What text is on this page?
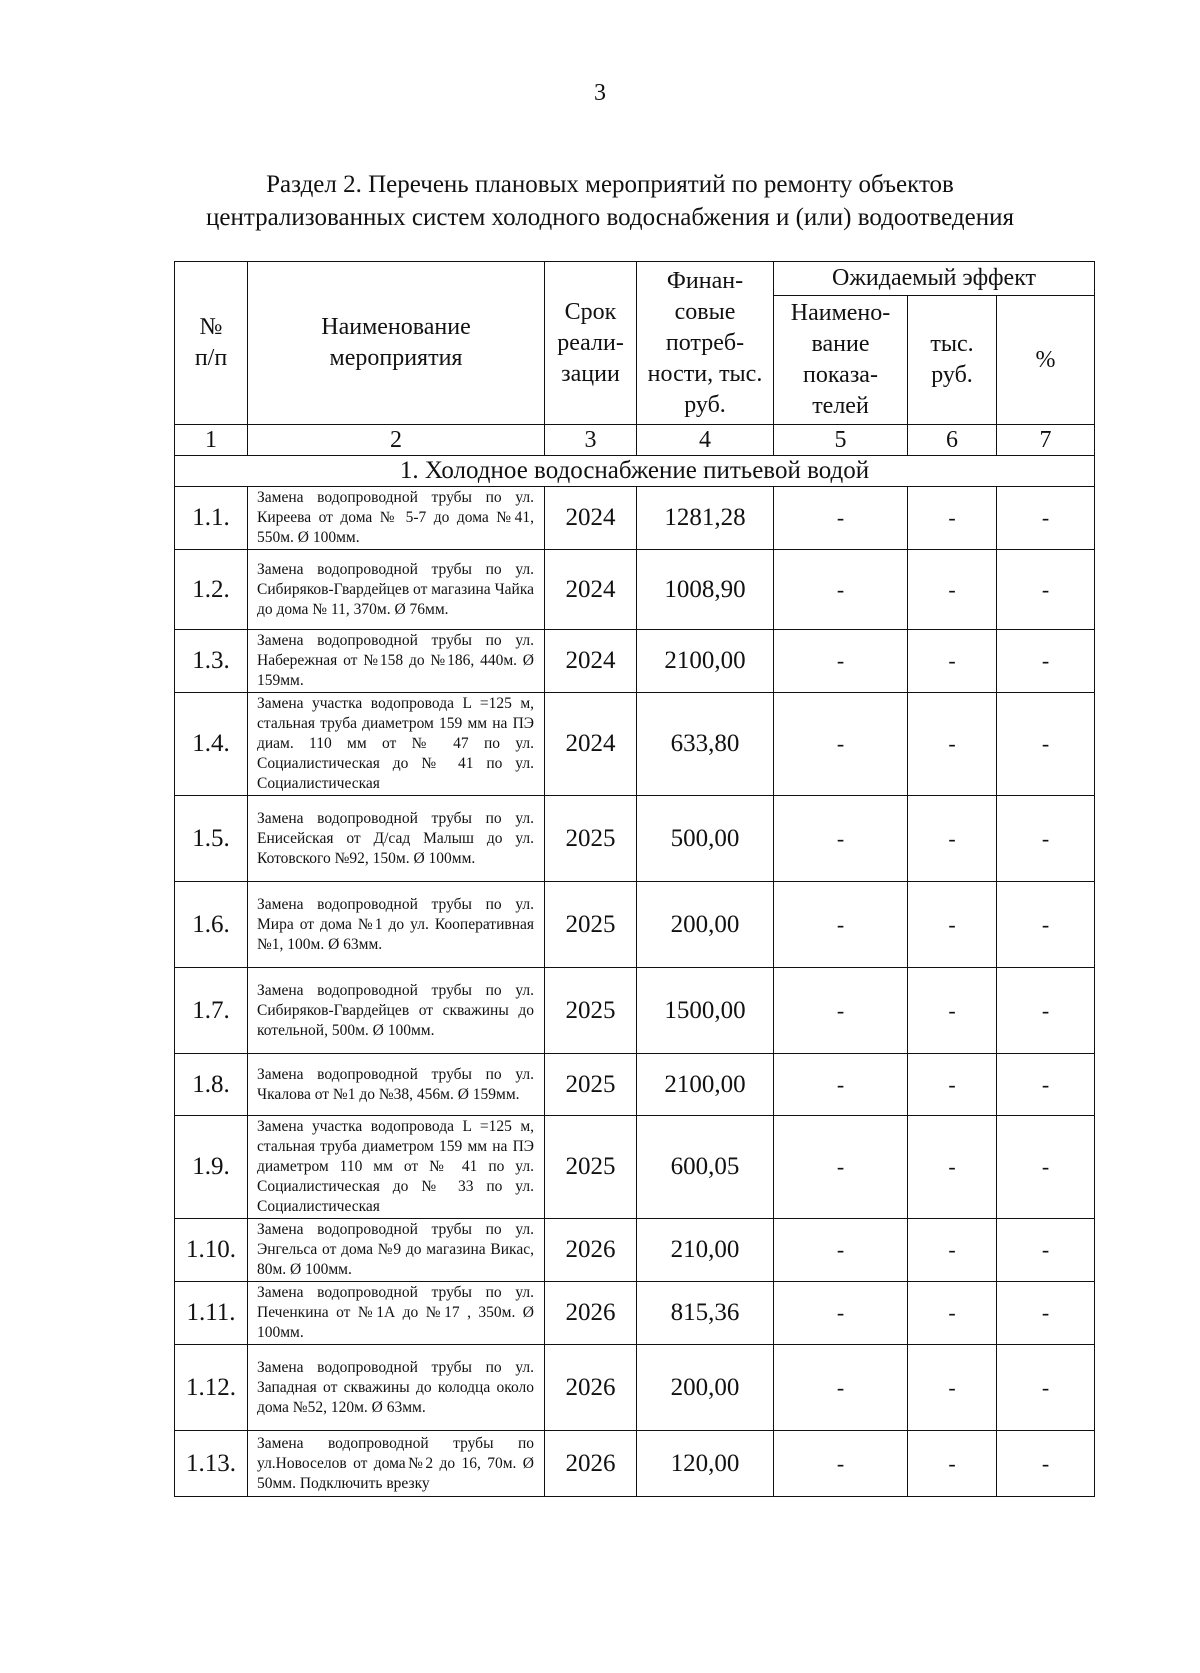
3
Раздел 2. Перечень плановых мероприятий по ремонту объектов
централизованных систем холодного водоснабжения и (или) водоотведения
№ п/п	Наименование мероприятия	Срок реали- зации	Финан- совые потреб- ности, тыс. руб.	Ожидаемый эффект		
				Наимено- вание показа- телей	тыс. руб.	%
1	2	3	4	5	6	7
1. Холодное водоснабжение питьевой водой						
1.1.	Замена водопроводной трубы по ул. Киреева от дома № 5-7 до дома №41, 550м. Ø 100мм.	2024	1281,28	-	-	-
1.2.	Замена водопроводной трубы по ул. Сибиряков-Гвардейцев от магазина Чайка до дома № 11, 370м. Ø 76мм.	2024	1008,90	-	-	-
1.3.	Замена водопроводной трубы по ул. Набережная от №158 до №186, 440м. Ø 159мм.	2024	2100,00	-	-	-
1.4.	Замена участка водопровода L =125 м, стальная труба диаметром 159 мм на ПЭ диам. 110 мм от № 47 по ул. Социалистическая до № 41 по ул. Социалистическая	2024	633,80	-	-	-
1.5.	Замена водопроводной трубы по ул. Енисейская от Д/сад Малыш до ул. Котовского №92, 150м. Ø 100мм.	2025	500,00	-	-	-
1.6.	Замена водопроводной трубы по ул. Мира от дома №1 до ул. Кооперативная №1, 100м. Ø 63мм.	2025	200,00	-	-	-
1.7.	Замена водопроводной трубы по ул. Сибиряков-Гвардейцев от скважины до котельной, 500м. Ø 100мм.	2025	1500,00	-	-	-
1.8.	Замена водопроводной трубы по ул. Чкалова от №1 до №38, 456м. Ø 159мм.	2025	2100,00	-	-	-
1.9.	Замена участка водопровода L =125 м, стальная труба диаметром 159 мм на ПЭ диаметром 110 мм от № 41 по ул. Социалистическая до № 33 по ул. Социалистическая	2025	600,05	-	-	-
1.10.	Замена водопроводной трубы по ул. Энгельса от дома №9 до магазина Викас, 80м. Ø 100мм.	2026	210,00	-	-	-
1.11.	Замена водопроводной трубы по ул. Печенкина от №1А до №17 , 350м. Ø 100мм.	2026	815,36	-	-	-
1.12.	Замена водопроводной трубы по ул. Западная от скважины до колодца около дома №52, 120м. Ø 63мм.	2026	200,00	-	-	-
1.13.	Замена водопроводной трубы по ул.Новоселов от дома№2 до 16, 70м. Ø 50мм. Подключить врезку	2026	120,00	-	-	-
